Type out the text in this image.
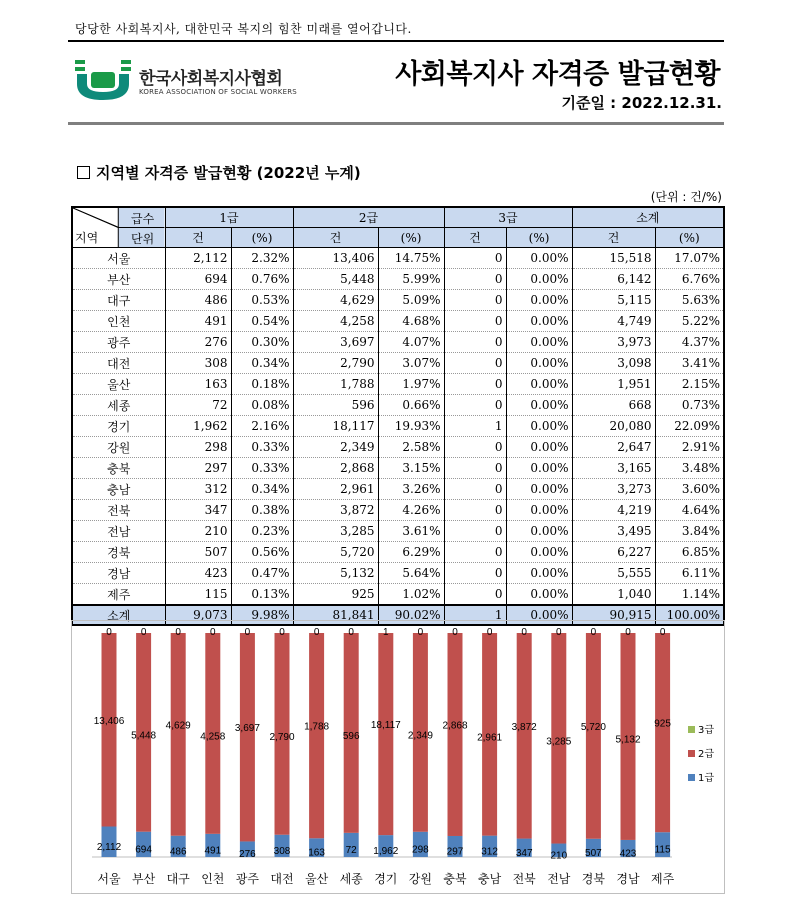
당당한 사회복지사, 대한민국 복지의 힘찬 미래를 열어갑니다.
한국사회복지사협회
KOREA ASSOCIATION OF SOCIAL WORKERS
사회복지사 자격증 발급현황
기준일 : 2022.12.31.
지역별 자격증 발급현황 (2022년 누계)
(단위 : 건/%)
급수
단위
지역	1급		2급		3급		소계	
	건	(%)	건	(%)	건	(%)	건	(%)
서울	2,112	2.32%	13,406	14.75%	0	0.00%	15,518	17.07%
부산	694	0.76%	5,448	5.99%	0	0.00%	6,142	6.76%
대구	486	0.53%	4,629	5.09%	0	0.00%	5,115	5.63%
인천	491	0.54%	4,258	4.68%	0	0.00%	4,749	5.22%
광주	276	0.30%	3,697	4.07%	0	0.00%	3,973	4.37%
대전	308	0.34%	2,790	3.07%	0	0.00%	3,098	3.41%
울산	163	0.18%	1,788	1.97%	0	0.00%	1,951	2.15%
세종	72	0.08%	596	0.66%	0	0.00%	668	0.73%
경기	1,962	2.16%	18,117	19.93%	1	0.00%	20,080	22.09%
강원	298	0.33%	2,349	2.58%	0	0.00%	2,647	2.91%
충북	297	0.33%	2,868	3.15%	0	0.00%	3,165	3.48%
충남	312	0.34%	2,961	3.26%	0	0.00%	3,273	3.60%
전북	347	0.38%	3,872	4.26%	0	0.00%	4,219	4.64%
전남	210	0.23%	3,285	3.61%	0	0.00%	3,495	3.84%
경북	507	0.56%	5,720	6.29%	0	0.00%	6,227	6.85%
경남	423	0.47%	5,132	5.64%	0	0.00%	5,555	6.11%
제주	115	0.13%	925	1.02%	0	0.00%	1,040	1.14%
소계	9,073	9.98%	81,841	90.02%	1	0.00%	90,915	100.00%
0
13,406
2,112
서울
0
5,448
694
부산
0
4,629
486
대구
0
4,258
491
인천
0
3,697
276
광주
0
2,790
308
대전
0
1,788
163
울산
0
596
72
세종
1
18,117
1,962
경기
0
2,349
298
강원
0
2,868
297
충북
0
2,961
312
충남
0
3,872
347
전북
0
3,285
210
전남
0
5,720
507
경북
0
5,132
423
경남
0
925
115
제주
3급
2급
1급
